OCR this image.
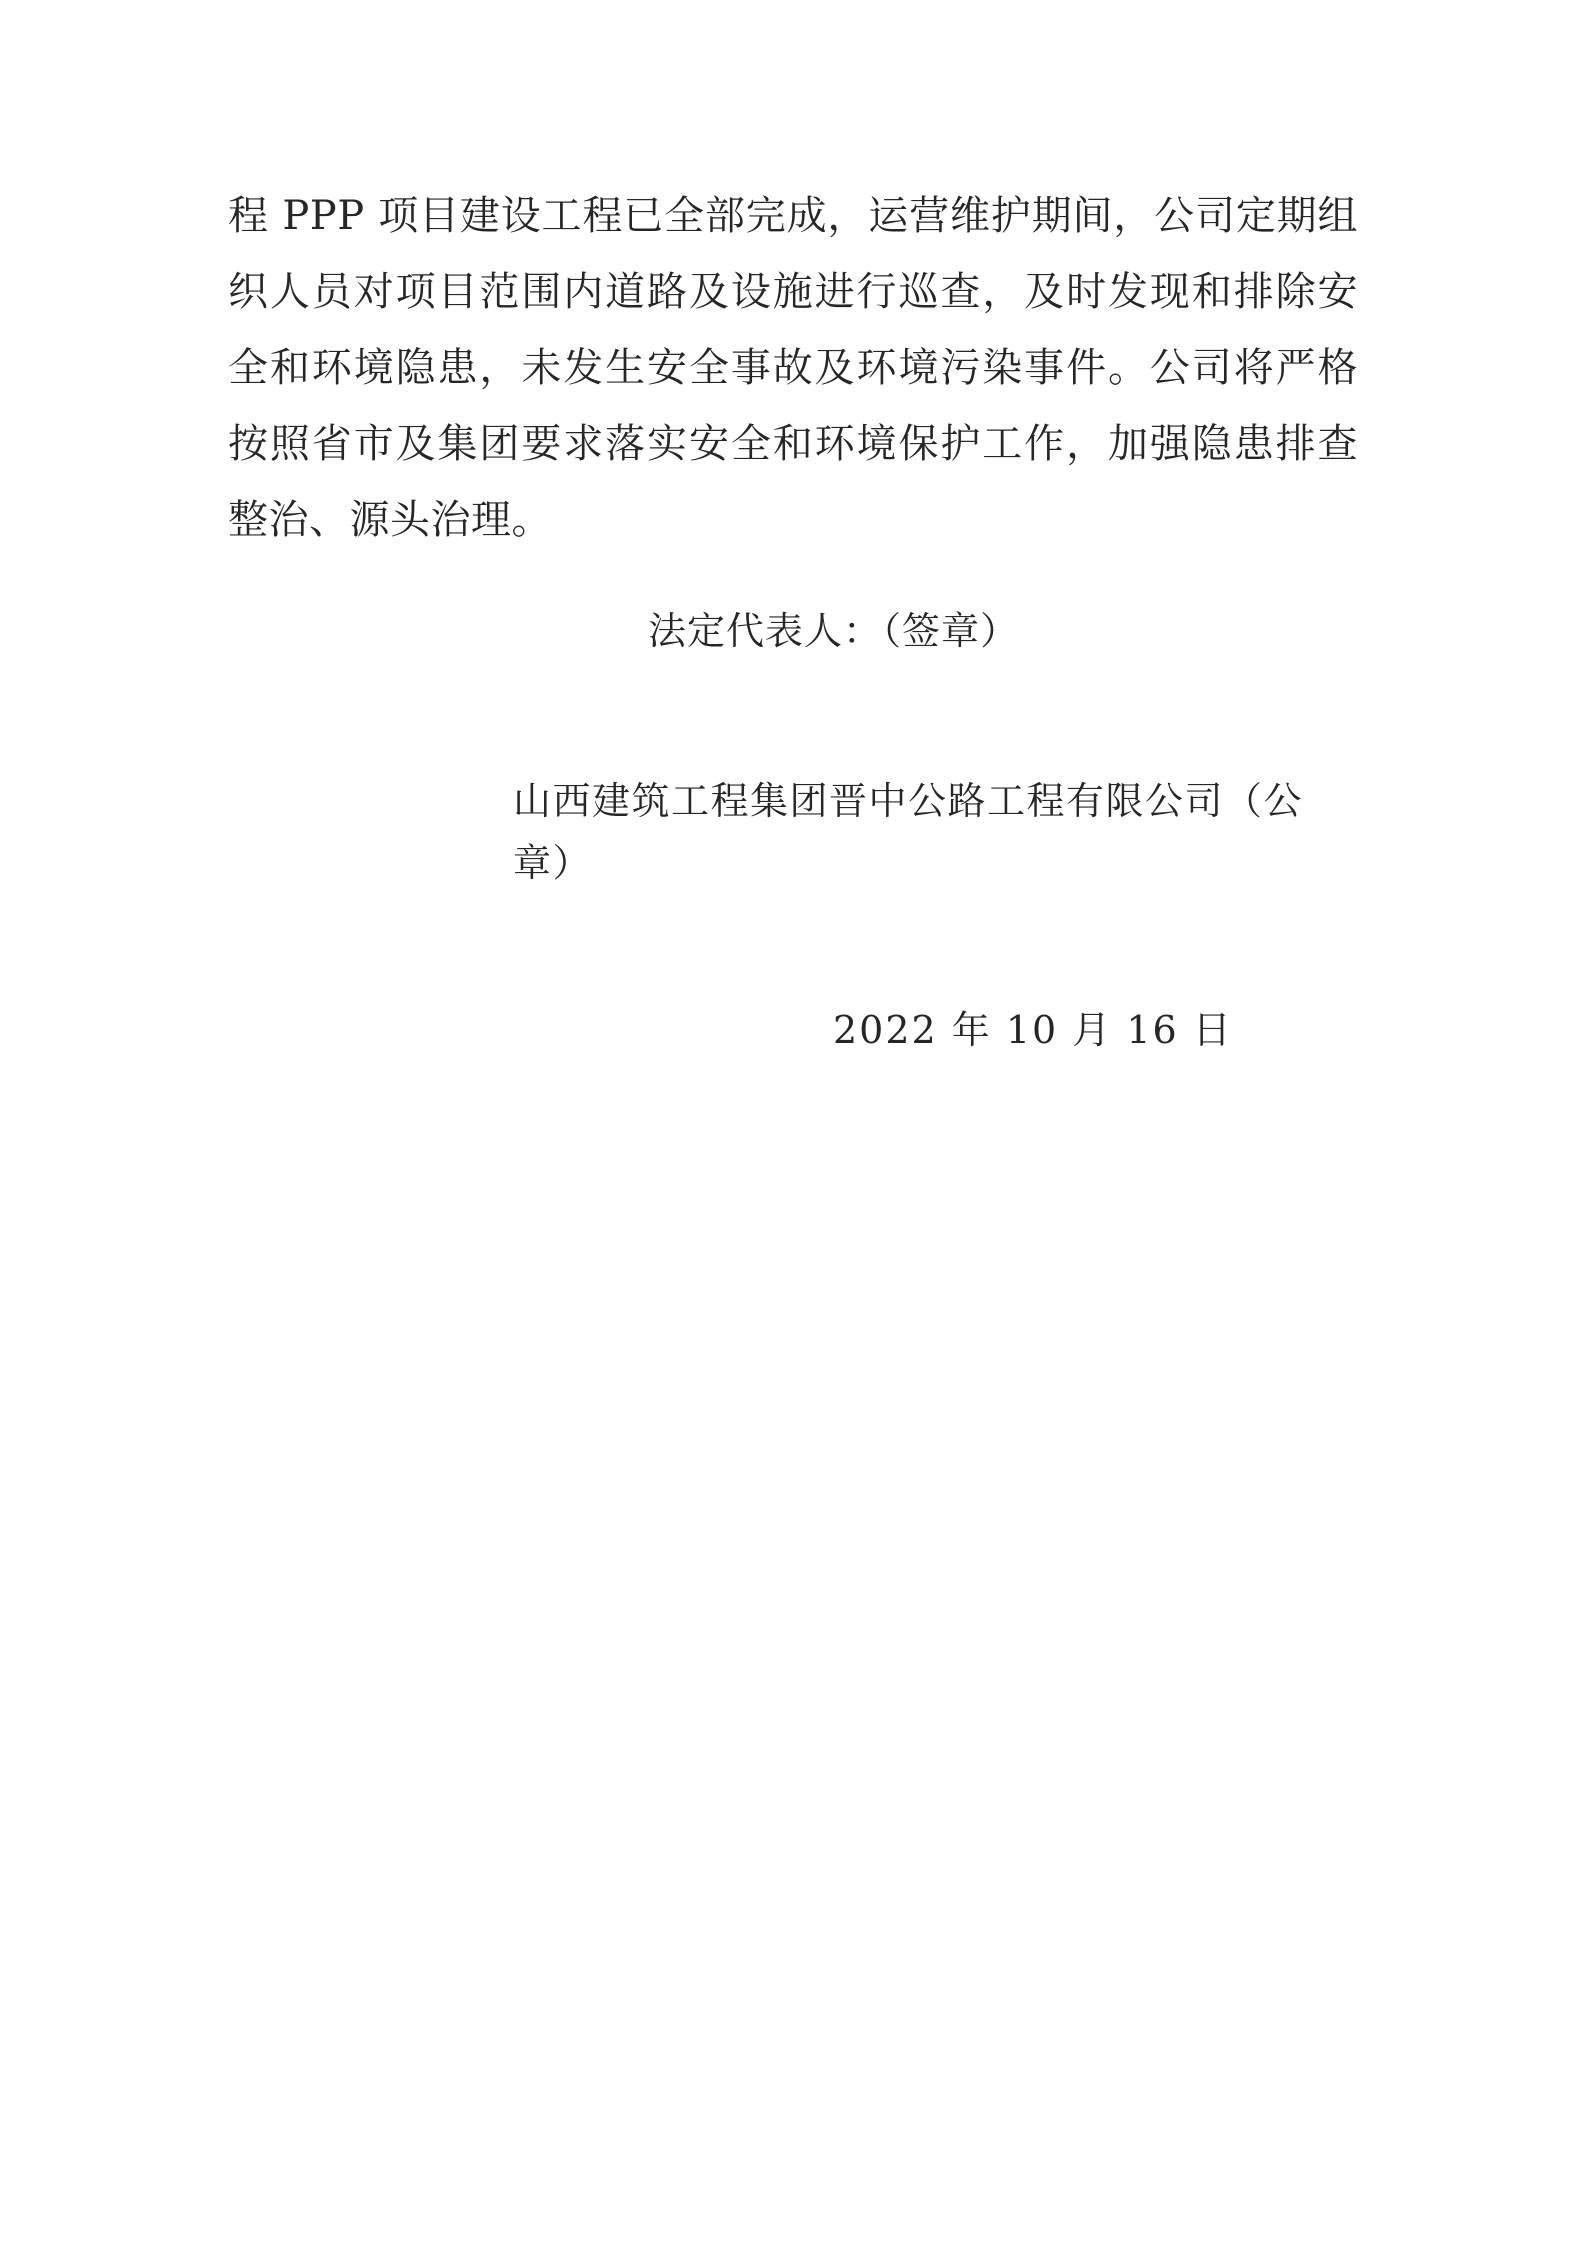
程 PPP 项目建设工程已全部完成，运营维护期间，公司定期组织人员对项目范围内道路及设施进行巡查，及时发现和排除安全和环境隐患，未发生安全事故及环境污染事件。公司将严格按照省市及集团要求落实安全和环境保护工作，加强隐患排查整治、源头治理。

法定代表人：（签章）

山西建筑工程集团晋中公路工程有限公司（公章）

2022 年 10 月 16 日
